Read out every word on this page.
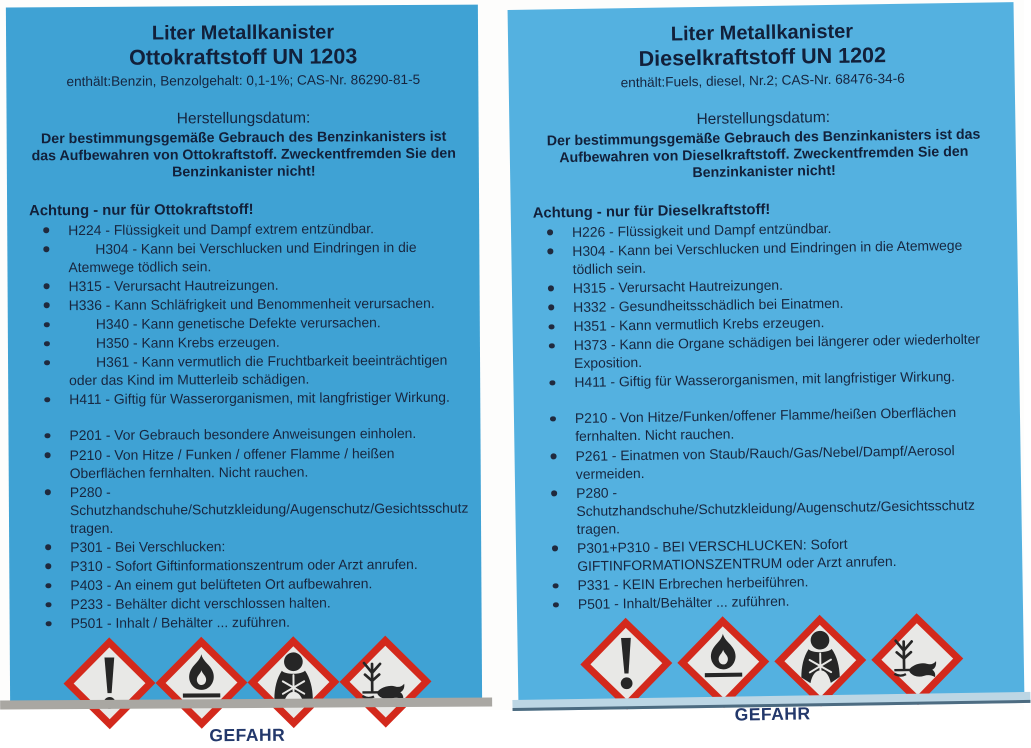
Liter Metallkanister
Ottokraftstoff UN 1203
enthält:Benzin, Benzolgehalt: 0,1-1%; CAS-Nr. 86290-81-5
Herstellungsdatum:

Der bestimmungsgemäße Gebrauch des Benzinkanisters ist das Aufbewahren von Ottokraftstoff. Zweckentfremden Sie den Benzinkanister nicht!

Achtung - nur für Ottokraftstoff!
H224 - Flüssigkeit und Dampf extrem entzündbar.
H304 - Kann bei Verschlucken und Eindringen in die Atemwege tödlich sein.
H315 - Verursacht Hautreizungen.
H336 - Kann Schläfrigkeit und Benommenheit verursachen.
H340 - Kann genetische Defekte verursachen.
H350 - Kann Krebs erzeugen.
H361 - Kann vermutlich die Fruchtbarkeit beeinträchtigen oder das Kind im Mutterleib schädigen.
H411 - Giftig für Wasserorganismen, mit langfristiger Wirkung.
P201 - Vor Gebrauch besondere Anweisungen einholen.
P210 - Von Hitze / Funken / offener Flamme / heißen Oberflächen fernhalten. Nicht rauchen.
P280 - Schutzhandschuhe/Schutzkleidung/Augenschutz/Gesichtsschutz tragen.
P301 - Bei Verschlucken:
P310 - Sofort Giftinformationszentrum oder Arzt anrufen.
P403 - An einem gut belüfteten Ort aufbewahren.
P233 - Behälter dicht verschlossen halten.
P501 - Inhalt / Behälter ... zuführen.
GEFAHR
Liter Metallkanister
Dieselkraftstoff UN 1202
enthält:Fuels, diesel, Nr.2; CAS-Nr. 68476-34-6
Herstellungsdatum:

Der bestimmungsgemäße Gebrauch des Benzinkanisters ist das Aufbewahren von Dieselkraftstoff. Zweckentfremden Sie den Benzinkanister nicht!

Achtung - nur für Dieselkraftstoff!
H226 - Flüssigkeit und Dampf entzündbar.
H304 - Kann bei Verschlucken und Eindringen in die Atemwege tödlich sein.
H315 - Verursacht Hautreizungen.
H332 - Gesundheitsschädlich bei Einatmen.
H351 - Kann vermutlich Krebs erzeugen.
H373 - Kann die Organe schädigen bei längerer oder wiederholter Exposition.
H411 - Giftig für Wasserorganismen, mit langfristiger Wirkung.
P210 - Von Hitze/Funken/offener Flamme/heißen Oberflächen fernhalten. Nicht rauchen.
P261 - Einatmen von Staub/Rauch/Gas/Nebel/Dampf/Aerosol vermeiden.
P280 - Schutzhandschuhe/Schutzkleidung/Augenschutz/Gesichtsschutz tragen.
P301+P310 - BEI VERSCHLUCKEN: Sofort GIFTINFORMATIONSZENTRUM oder Arzt anrufen.
P331 - KEIN Erbrechen herbeiführen.
P501 - Inhalt/Behälter ... zuführen.
GEFAHR
